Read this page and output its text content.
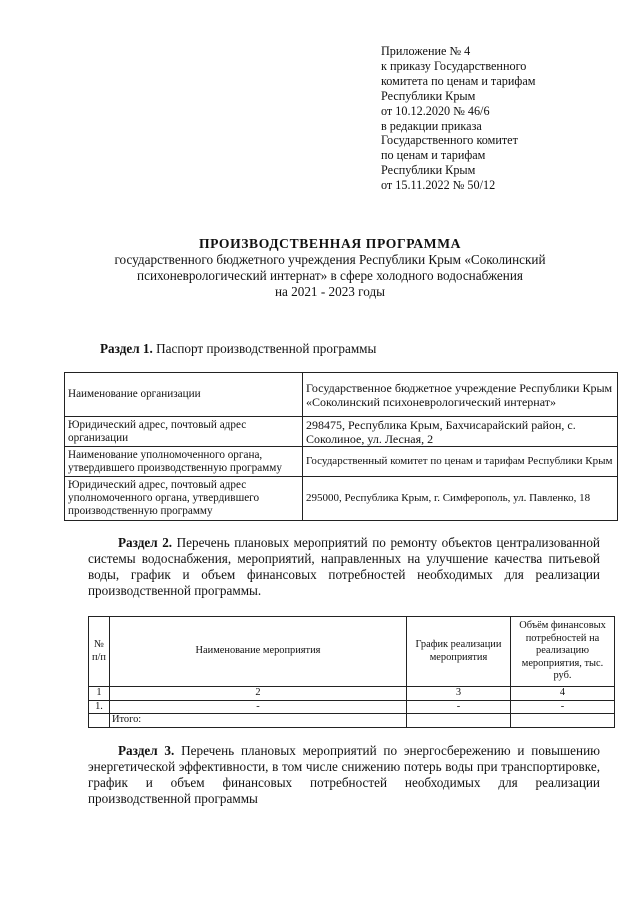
Приложение № 4
к приказу Государственного
комитета по ценам и тарифам
Республики Крым
от 10.12.2020 № 46/6
в редакции приказа
Государственного комитет
по ценам и тарифам
Республики Крым
от 15.11.2022 № 50/12
ПРОИЗВОДСТВЕННАЯ ПРОГРАММА
государственного бюджетного учреждения Республики Крым «Соколинский
психоневрологический интернат» в сфере холодного водоснабжения
на 2021 - 2023 годы
Раздел 1. Паспорт производственной программы
Наименование организации	Государственное бюджетное учреждение Республики Крым «Соколинский психоневрологический интернат»
Юридический адрес, почтовый адрес организации	298475, Республика Крым, Бахчисарайский район, с. Соколиное, ул. Лесная, 2
Наименование уполномоченного органа, утвердившего производственную программу	Государственный комитет по ценам и тарифам Республики Крым
Юридический адрес, почтовый адрес уполномоченного органа, утвердившего производственную программу	295000, Республика Крым, г. Симферополь, ул. Павленко, 18
Раздел 2. Перечень плановых мероприятий по ремонту объектов централизованной системы водоснабжения, мероприятий, направленных на улучшение качества питьевой воды, график и объем финансовых потребностей необходимых для реализации производственной программы.
№ п/п	Наименование мероприятия	График реализации мероприятия	Объём финансовых потребностей на реализацию мероприятия, тыс. руб.
1	2	3	4
1.	-	-	-
	Итого:		
Раздел 3. Перечень плановых мероприятий по энергосбережению и повышению энергетической эффективности, в том числе снижению потерь воды при транспортировке, график и объем финансовых потребностей необходимых для реализации производственной программы
